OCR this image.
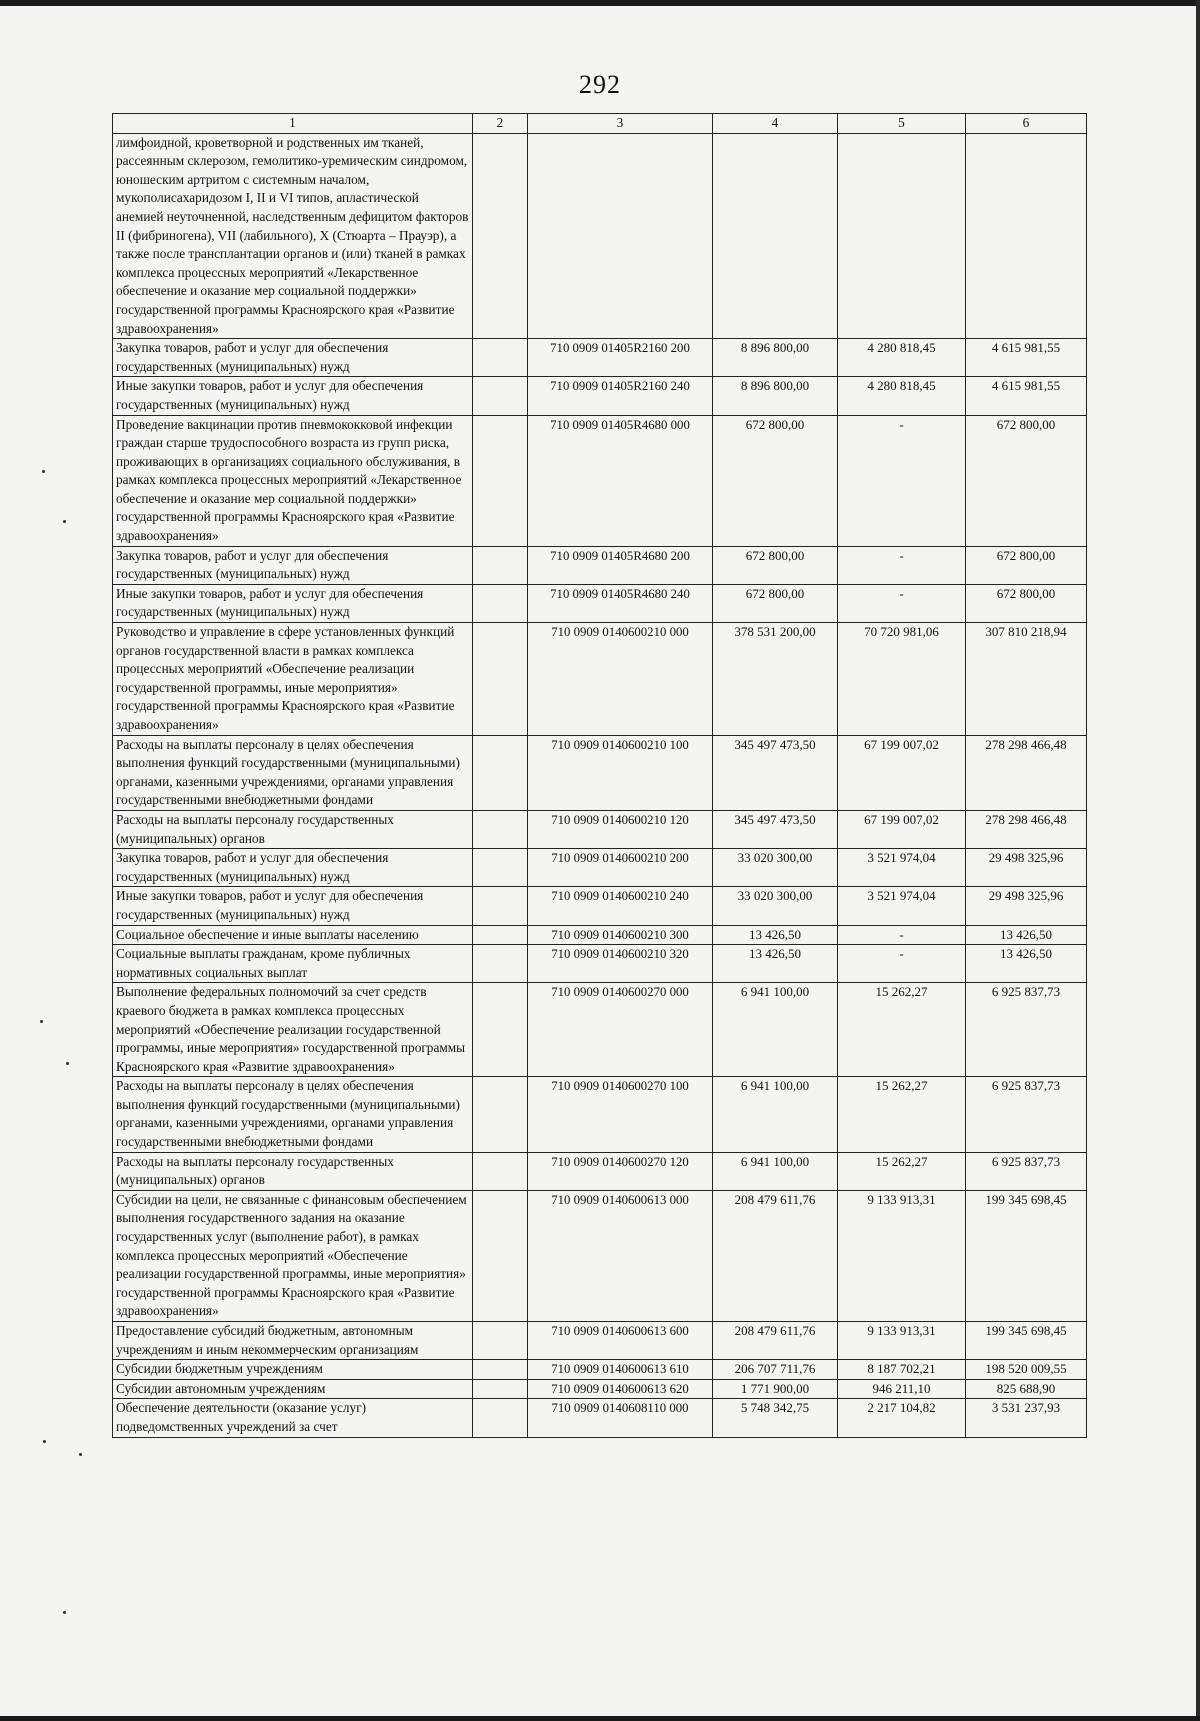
292
1	2	3	4	5	6
лимфоидной, кроветворной и родственных им тканей, рассеянным склерозом, гемолитико-уремическим синдромом, юношеским артритом с системным началом, мукополисахаридозом I, II и VI типов, апластической анемией неуточненной, наследственным дефицитом факторов II (фибриногена), VII (лабильного), X (Стюарта – Прауэр), а также после трансплантации органов и (или) тканей в рамках комплекса процессных мероприятий «Лекарственное обеспечение и оказание мер социальной поддержки» государственной программы Красноярского края «Развитие здравоохранения»					
Закупка товаров, работ и услуг для обеспечения государственных (муниципальных) нужд		710 0909 01405R2160 200	8 896 800,00	4 280 818,45	4 615 981,55
Иные закупки товаров, работ и услуг для обеспечения государственных (муниципальных) нужд		710 0909 01405R2160 240	8 896 800,00	4 280 818,45	4 615 981,55
Проведение вакцинации против пневмококковой инфекции граждан старше трудоспособного возраста из групп риска, проживающих в организациях социального обслуживания, в рамках комплекса процессных мероприятий «Лекарственное обеспечение и оказание мер социальной поддержки» государственной программы Красноярского края «Развитие здравоохранения»		710 0909 01405R4680 000	672 800,00	-	672 800,00
Закупка товаров, работ и услуг для обеспечения государственных (муниципальных) нужд		710 0909 01405R4680 200	672 800,00	-	672 800,00
Иные закупки товаров, работ и услуг для обеспечения государственных (муниципальных) нужд		710 0909 01405R4680 240	672 800,00	-	672 800,00
Руководство и управление в сфере установленных функций органов государственной власти в рамках комплекса процессных мероприятий «Обеспечение реализации государственной программы, иные мероприятия» государственной программы Красноярского края «Развитие здравоохранения»		710 0909 0140600210 000	378 531 200,00	70 720 981,06	307 810 218,94
Расходы на выплаты персоналу в целях обеспечения выполнения функций государственными (муниципальными) органами, казенными учреждениями, органами управления государственными внебюджетными фондами		710 0909 0140600210 100	345 497 473,50	67 199 007,02	278 298 466,48
Расходы на выплаты персоналу государственных (муниципальных) органов		710 0909 0140600210 120	345 497 473,50	67 199 007,02	278 298 466,48
Закупка товаров, работ и услуг для обеспечения государственных (муниципальных) нужд		710 0909 0140600210 200	33 020 300,00	3 521 974,04	29 498 325,96
Иные закупки товаров, работ и услуг для обеспечения государственных (муниципальных) нужд		710 0909 0140600210 240	33 020 300,00	3 521 974,04	29 498 325,96
Социальное обеспечение и иные выплаты населению		710 0909 0140600210 300	13 426,50	-	13 426,50
Социальные выплаты гражданам, кроме публичных нормативных социальных выплат		710 0909 0140600210 320	13 426,50	-	13 426,50
Выполнение федеральных полномочий за счет средств краевого бюджета в рамках комплекса процессных мероприятий «Обеспечение реализации государственной программы, иные мероприятия» государственной программы Красноярского края «Развитие здравоохранения»		710 0909 0140600270 000	6 941 100,00	15 262,27	6 925 837,73
Расходы на выплаты персоналу в целях обеспечения выполнения функций государственными (муниципальными) органами, казенными учреждениями, органами управления государственными внебюджетными фондами		710 0909 0140600270 100	6 941 100,00	15 262,27	6 925 837,73
Расходы на выплаты персоналу государственных (муниципальных) органов		710 0909 0140600270 120	6 941 100,00	15 262,27	6 925 837,73
Субсидии на цели, не связанные с финансовым обеспечением выполнения государственного задания на оказание государственных услуг (выполнение работ), в рамках комплекса процессных мероприятий «Обеспечение реализации государственной программы, иные мероприятия» государственной программы Красноярского края «Развитие здравоохранения»		710 0909 0140600613 000	208 479 611,76	9 133 913,31	199 345 698,45
Предоставление субсидий бюджетным, автономным учреждениям и иным некоммерческим организациям		710 0909 0140600613 600	208 479 611,76	9 133 913,31	199 345 698,45
Субсидии бюджетным учреждениям		710 0909 0140600613 610	206 707 711,76	8 187 702,21	198 520 009,55
Субсидии автономным учреждениям		710 0909 0140600613 620	1 771 900,00	946 211,10	825 688,90
Обеспечение деятельности (оказание услуг) подведомственных учреждений за счет		710 0909 0140608110 000	5 748 342,75	2 217 104,82	3 531 237,93
